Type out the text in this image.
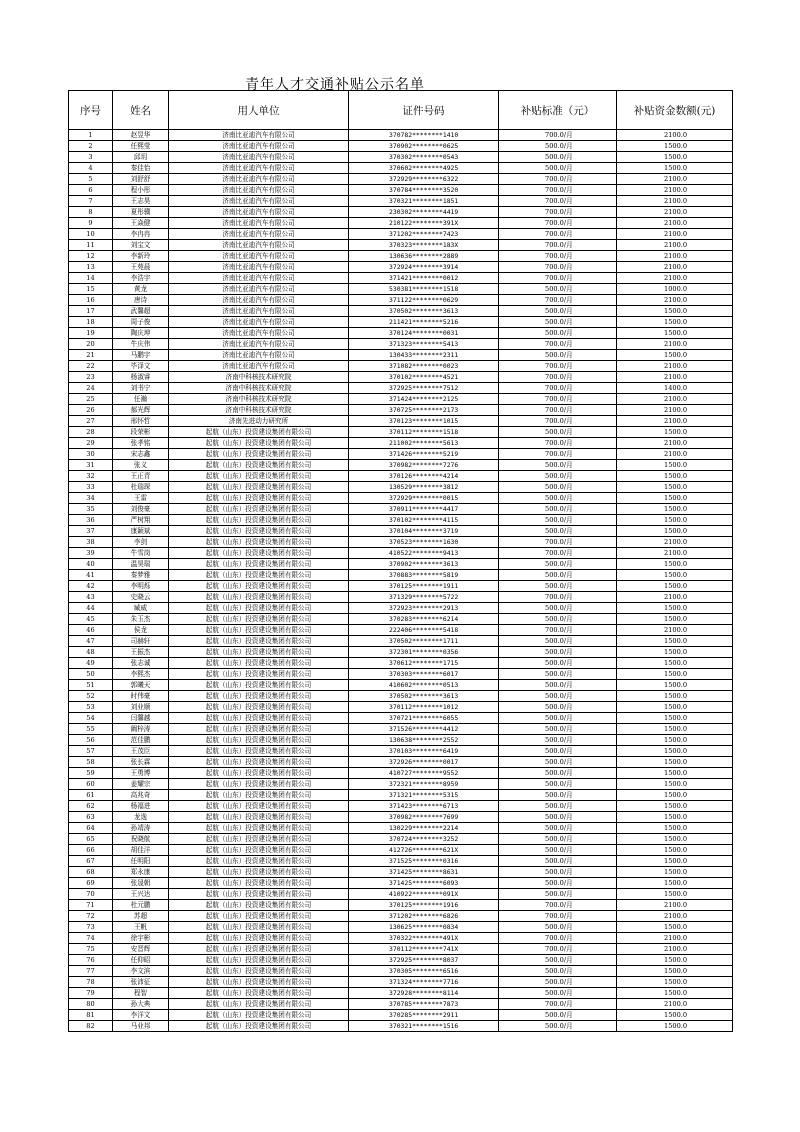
青年人才交通补贴公示名单
序号	姓名	用人单位	证件号码	补贴标准（元）	补贴资金数额(元)
1	赵昱华	济南比亚迪汽车有限公司	370782********1410	700.0/月	2100.0
2	任熙莹	济南比亚迪汽车有限公司	370902********0625	500.0/月	1500.0
3	邱玥	济南比亚迪汽车有限公司	370302********0543	500.0/月	1500.0
4	秦佳怡	济南比亚迪汽车有限公司	370602********4925	500.0/月	1500.0
5	刘舒舒	济南比亚迪汽车有限公司	372929********6322	700.0/月	2100.0
6	程小彤	济南比亚迪汽车有限公司	370784********3520	700.0/月	2100.0
7	王志昊	济南比亚迪汽车有限公司	370321********1851	700.0/月	2100.0
8	夏彤骥	济南比亚迪汽车有限公司	230302********4419	700.0/月	2100.0
9	王焱健	济南比亚迪汽车有限公司	210122********391X	700.0/月	2100.0
10	李冉冉	济南比亚迪汽车有限公司	371202********7423	700.0/月	2100.0
11	刘宝文	济南比亚迪汽车有限公司	370323********183X	700.0/月	2100.0
12	李新玲	济南比亚迪汽车有限公司	130636********2889	700.0/月	2100.0
13	王苑晨	济南比亚迪汽车有限公司	372924********3914	700.0/月	2100.0
14	李浩宇	济南比亚迪汽车有限公司	371421********0012	700.0/月	2100.0
15	黄龙	济南比亚迪汽车有限公司	530381********1518	500.0/月	1000.0
16	唐诗	济南比亚迪汽车有限公司	371122********0629	700.0/月	2100.0
17	武馨超	济南比亚迪汽车有限公司	370502********3613	500.0/月	1500.0
18	周子俊	济南比亚迪汽车有限公司	211421********5216	500.0/月	1500.0
19	陶庆坤	济南比亚迪汽车有限公司	370124********0031	500.0/月	1500.0
20	牛庆伟	济南比亚迪汽车有限公司	371323********5413	700.0/月	2100.0
21	马鹏宇	济南比亚迪汽车有限公司	130433********2311	500.0/月	1500.0
22	毕泽文	济南比亚迪汽车有限公司	371082********0023	700.0/月	2100.0
23	杨淑睿	济南中科核技术研究院	370102********4521	700.0/月	2100.0
24	刘书宁	济南中科核技术研究院	372925********7512	700.0/月	1400.0
25	任瀚	济南中科核技术研究院	371424********2125	700.0/月	2100.0
26	郝光辉	济南中科核技术研究院	370725********2173	700.0/月	2100.0
27	邢怀哲	济南先进动力研究所	370123********1015	700.0/月	2100.0
28	段荣彬	起航（山东）投资建设集团有限公司	370112********1518	500.0/月	1500.0
29	张孝铭	起航（山东）投资建设集团有限公司	211002********5613	700.0/月	2100.0
30	宋志鑫	起航（山东）投资建设集团有限公司	371426********5219	700.0/月	2100.0
31	张义	起航（山东）投资建设集团有限公司	370982********7276	500.0/月	1500.0
32	王正青	起航（山东）投资建设集团有限公司	370126********4214	500.0/月	1500.0
33	杜瑞琛	起航（山东）投资建设集团有限公司	130529********3812	500.0/月	1500.0
34	王雷	起航（山东）投资建设集团有限公司	372929********0015	500.0/月	1500.0
35	刘俊豪	起航（山东）投资建设集团有限公司	370911********4417	500.0/月	1500.0
36	严树翔	起航（山东）投资建设集团有限公司	370102********4115	500.0/月	1500.0
37	康颖斌	起航（山东）投资建设集团有限公司	370104********3719	500.0/月	1500.0
38	李剑	起航（山东）投资建设集团有限公司	370523********1630	700.0/月	2100.0
39	牛雪岗	起航（山东）投资建设集团有限公司	410522********9413	700.0/月	2100.0
40	温昊瑞	起航（山东）投资建设集团有限公司	370902********3613	500.0/月	1500.0
41	秦梦雅	起航（山东）投资建设集团有限公司	370883********5819	500.0/月	1500.0
42	李明烁	起航（山东）投资建设集团有限公司	370125********1911	500.0/月	1500.0
43	史晓云	起航（山东）投资建设集团有限公司	371329********5722	700.0/月	2100.0
44	臧威	起航（山东）投资建设集团有限公司	372923********2913	500.0/月	1500.0
45	朱玉杰	起航（山东）投资建设集团有限公司	370283********6214	500.0/月	1500.0
46	侯龙	起航（山东）投资建设集团有限公司	222406********5418	700.0/月	2100.0
47	司赫轩	起航（山东）投资建设集团有限公司	370502********1711	500.0/月	1500.0
48	王振杰	起航（山东）投资建设集团有限公司	372301********0356	500.0/月	1500.0
49	张志诚	起航（山东）投资建设集团有限公司	370612********1715	500.0/月	1500.0
50	李熙杰	起航（山东）投资建设集团有限公司	370303********6017	500.0/月	1500.0
51	郭曦天	起航（山东）投资建设集团有限公司	410602********0513	500.0/月	1500.0
52	时伟豪	起航（山东）投资建设集团有限公司	370502********3613	500.0/月	1500.0
53	刘业顺	起航（山东）投资建设集团有限公司	370112********1012	500.0/月	1500.0
54	闫馨越	起航（山东）投资建设集团有限公司	370721********6055	500.0/月	1500.0
55	阚梓涛	起航（山东）投资建设集团有限公司	371526********4412	500.0/月	1500.0
56	范佳鹏	起航（山东）投资建设集团有限公司	130638********2552	500.0/月	1500.0
57	王茂臣	起航（山东）投资建设集团有限公司	370103********6419	500.0/月	1500.0
58	张长霖	起航（山东）投资建设集团有限公司	372926********0017	500.0/月	1500.0
59	王勇博	起航（山东）投资建设集团有限公司	410727********9552	500.0/月	1500.0
60	姜耀宗	起航（山东）投资建设集团有限公司	372321********8959	500.0/月	1500.0
61	高兆奇	起航（山东）投资建设集团有限公司	371321********5315	500.0/月	1500.0
62	杨福进	起航（山东）投资建设集团有限公司	371423********6713	500.0/月	1500.0
63	龙逸	起航（山东）投资建设集团有限公司	370982********7699	500.0/月	1500.0
64	孙靖涛	起航（山东）投资建设集团有限公司	130229********2214	500.0/月	1500.0
65	祝晓航	起航（山东）投资建设集团有限公司	370724********3252	500.0/月	1500.0
66	胡佳洋	起航（山东）投资建设集团有限公司	412726********621X	500.0/月	1500.0
67	任明阳	起航（山东）投资建设集团有限公司	371525********0316	500.0/月	1500.0
68	郑永康	起航（山东）投资建设集团有限公司	371425********8631	500.0/月	1500.0
69	张晟朝	起航（山东）投资建设集团有限公司	371425********6093	500.0/月	1500.0
70	王兴达	起航（山东）投资建设集团有限公司	410922********091X	500.0/月	1500.0
71	杜元鹏	起航（山东）投资建设集团有限公司	370125********1916	700.0/月	2100.0
72	苏超	起航（山东）投资建设集团有限公司	371202********6826	700.0/月	2100.0
73	王帆	起航（山东）投资建设集团有限公司	130625********0834	500.0/月	1500.0
74	徐宇彬	起航（山东）投资建设集团有限公司	370322********491X	700.0/月	2100.0
75	安晋辉	起航（山东）投资建设集团有限公司	370112********741X	700.0/月	2100.0
76	任仰昭	起航（山东）投资建设集团有限公司	372925********8037	500.0/月	1500.0
77	李文滨	起航（山东）投资建设集团有限公司	370305********6516	500.0/月	1500.0
78	张沛征	起航（山东）投资建设集团有限公司	371324********7716	500.0/月	1500.0
79	程智	起航（山东）投资建设集团有限公司	372928********8114	500.0/月	1500.0
80	孙大典	起航（山东）投资建设集团有限公司	370785********7873	700.0/月	2100.0
81	李洋文	起航（山东）投资建设集团有限公司	370285********2911	500.0/月	1500.0
82	马业邦	起航（山东）投资建设集团有限公司	370321********1516	500.0/月	1500.0
